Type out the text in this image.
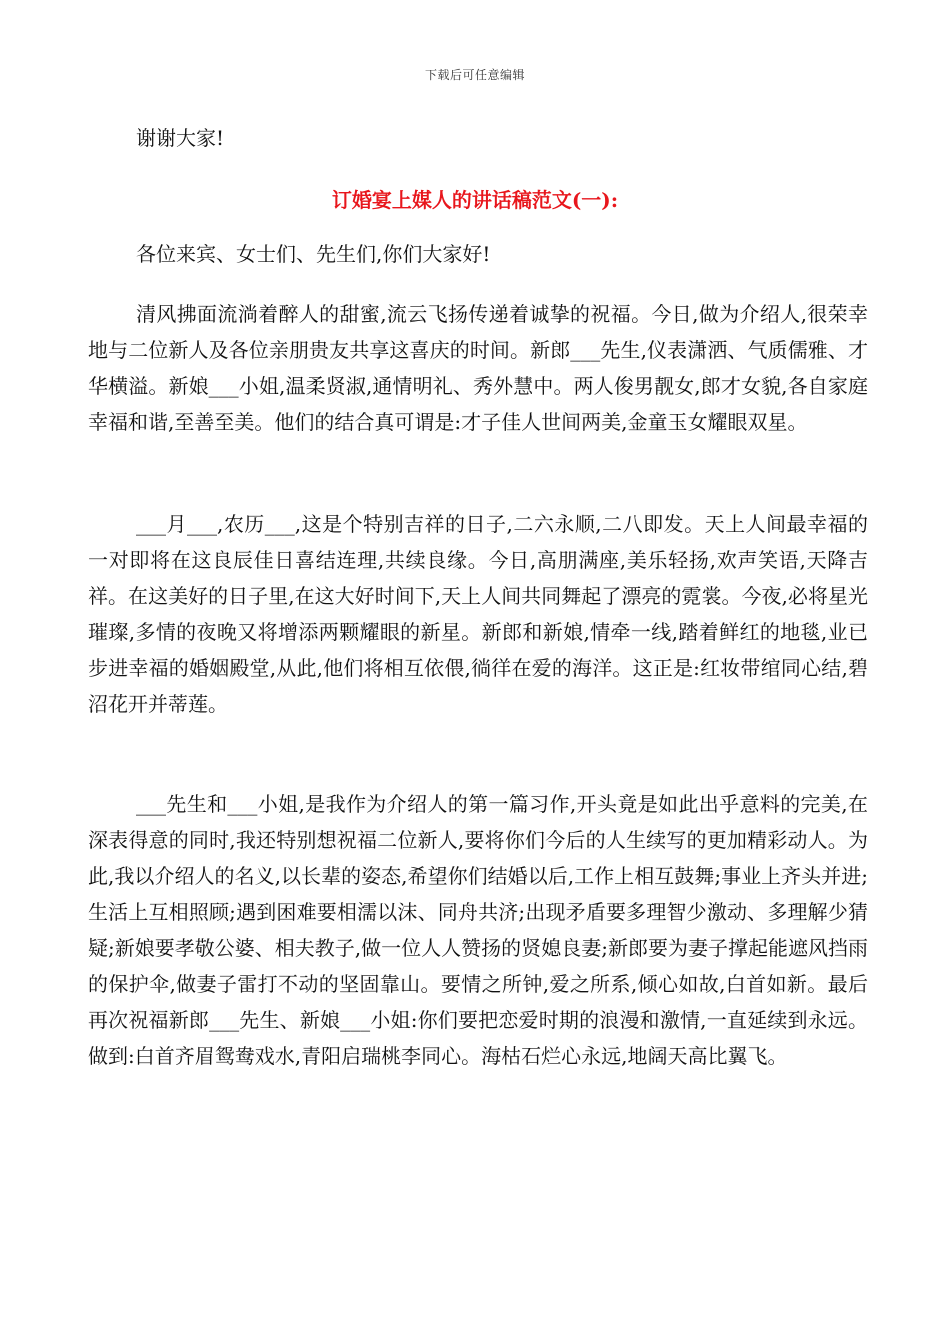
下载后可任意编辑
谢谢大家!
订婚宴上媒人的讲话稿范文(一):
各位来宾、女士们、先生们,你们大家好!

清风拂面流淌着醉人的甜蜜,流云飞扬传递着诚挚的祝福。今日,做为介绍人,很荣幸地与二位新人及各位亲朋贵友共享这喜庆的时间。新郎___先生,仪表潇洒、气质儒雅、才华横溢。新娘___小姐,温柔贤淑,通情明礼、秀外慧中。两人俊男靓女,郎才女貌,各自家庭幸福和谐,至善至美。他们的结合真可谓是:才子佳人世间两美,金童玉女耀眼双星。

___月___,农历___,这是个特别吉祥的日子,二六永顺,二八即发。天上人间最幸福的一对即将在这良辰佳日喜结连理,共续良缘。今日,高朋满座,美乐轻扬,欢声笑语,天降吉祥。在这美好的日子里,在这大好时间下,天上人间共同舞起了漂亮的霓裳。今夜,必将星光璀璨,多情的夜晚又将增添两颗耀眼的新星。新郎和新娘,情牵一线,踏着鲜红的地毯,业已步进幸福的婚姻殿堂,从此,他们将相互依偎,徜徉在爱的海洋。这正是:红妆带绾同心结,碧沼花开并蒂莲。

___先生和___小姐,是我作为介绍人的第一篇习作,开头竟是如此出乎意料的完美,在深表得意的同时,我还特别想祝福二位新人,要将你们今后的人生续写的更加精彩动人。为此,我以介绍人的名义,以长辈的姿态,希望你们结婚以后,工作上相互鼓舞;事业上齐头并进;生活上互相照顾;遇到困难要相濡以沫、同舟共济;出现矛盾要多理智少激动、多理解少猜疑;新娘要孝敬公婆、相夫教子,做一位人人赞扬的贤媳良妻;新郎要为妻子撑起能遮风挡雨的保护伞,做妻子雷打不动的坚固靠山。要情之所钟,爱之所系,倾心如故,白首如新。最后再次祝福新郎___先生、新娘___小姐:你们要把恋爱时期的浪漫和激情,一直延续到永远。做到:白首齐眉鸳鸯戏水,青阳启瑞桃李同心。海枯石烂心永远,地阔天高比翼飞。
